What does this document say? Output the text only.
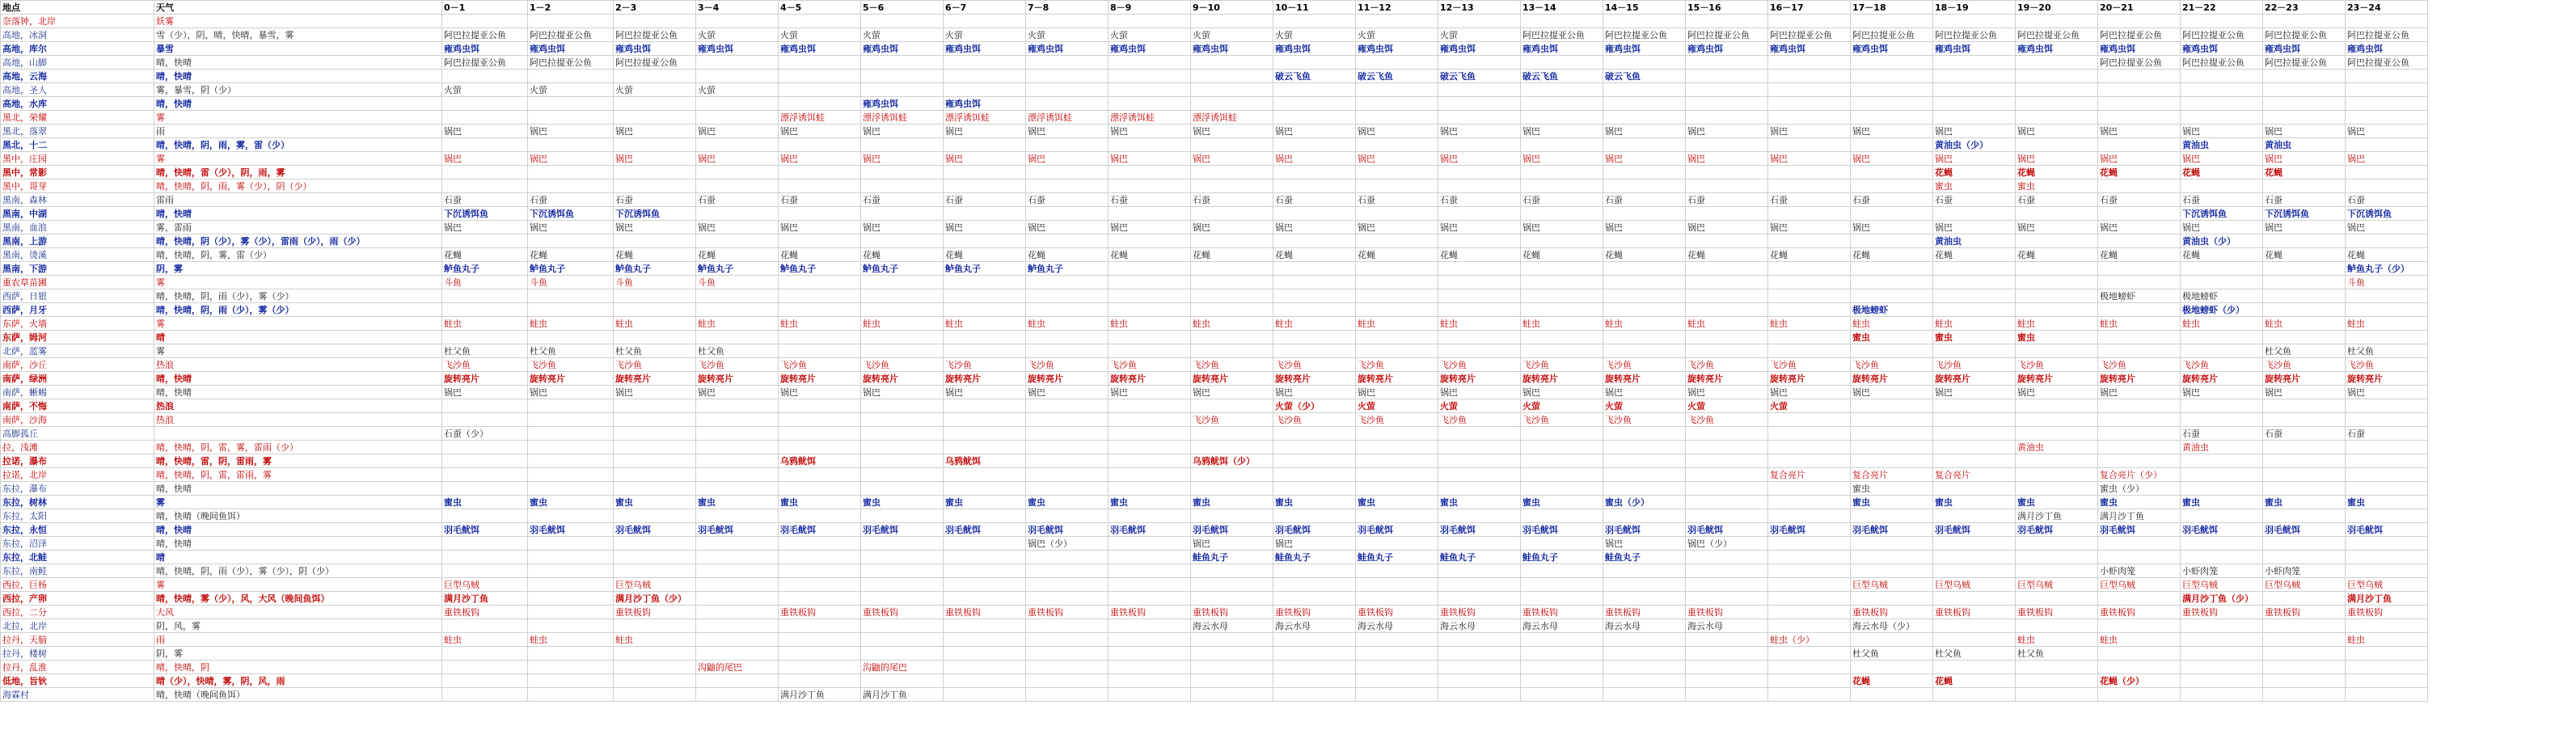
地点	天气	0－1	1－2	2－3	3－4	4－5	5－6	6－7	7－8	8－9	9－10	10－11	11－12	12－13	13－14	14－15	15－16	16－17	17－18	18－19	19－20	20－21	21－22	22－23	23－24
奈落钟，北岸	妖雾																								
高地，冰洞	雪（少），阴，晴，快晴，暴雪，雾	阿巴拉提亚公鱼	阿巴拉提亚公鱼	阿巴拉提亚公鱼	火萤	火萤	火萤	火萤	火萤	火萤	火萤	火萤	火萤	火萤	阿巴拉提亚公鱼	阿巴拉提亚公鱼	阿巴拉提亚公鱼	阿巴拉提亚公鱼	阿巴拉提亚公鱼	阿巴拉提亚公鱼	阿巴拉提亚公鱼	阿巴拉提亚公鱼	阿巴拉提亚公鱼	阿巴拉提亚公鱼	阿巴拉提亚公鱼
高地，库尔	暴雪	雍鸡虫饵	雍鸡虫饵	雍鸡虫饵	雍鸡虫饵	雍鸡虫饵	雍鸡虫饵	雍鸡虫饵	雍鸡虫饵	雍鸡虫饵	雍鸡虫饵	雍鸡虫饵	雍鸡虫饵	雍鸡虫饵	雍鸡虫饵	雍鸡虫饵	雍鸡虫饵	雍鸡虫饵	雍鸡虫饵	雍鸡虫饵	雍鸡虫饵	雍鸡虫饵	雍鸡虫饵	雍鸡虫饵	雍鸡虫饵
高地，山脚	晴，快晴	阿巴拉提亚公鱼	阿巴拉提亚公鱼	阿巴拉提亚公鱼																		阿巴拉提亚公鱼	阿巴拉提亚公鱼	阿巴拉提亚公鱼	阿巴拉提亚公鱼
高地，云海	晴，快晴											破云飞鱼	破云飞鱼	破云飞鱼	破云飞鱼	破云飞鱼									
高地，圣人	雾，暴雪，阴（少）	火萤	火萤	火萤	火萤																				
高地，水库	晴，快晴						雍鸡虫饵	雍鸡虫饵																	
黑北，荣耀	雾					漂浮诱饵蛙	漂浮诱饵蛙	漂浮诱饵蛙	漂浮诱饵蛙	漂浮诱饵蛙	漂浮诱饵蛙														
黑北，落翠	雨	锅巴	锅巴	锅巴	锅巴	锅巴	锅巴	锅巴	锅巴	锅巴	锅巴	锅巴	锅巴	锅巴	锅巴	锅巴	锅巴	锅巴	锅巴	锅巴	锅巴	锅巴	锅巴	锅巴	锅巴
黑北，十二	晴，快晴，阴，雨，雾，雷（少）																			黄油虫（少）			黄油虫	黄油虫	
黑中，庄园	雾	锅巴	锅巴	锅巴	锅巴	锅巴	锅巴	锅巴	锅巴	锅巴	锅巴	锅巴	锅巴	锅巴	锅巴	锅巴	锅巴	锅巴	锅巴	锅巴	锅巴	锅巴	锅巴	锅巴	锅巴
黑中，常影	晴，快晴，雷（少），阴，雨，雾																			花蝇	花蝇	花蝇	花蝇	花蝇	
黑中，哥芽	晴，快晴，阴，雨，雾（少），阴（少）																			蜜虫	蜜虫				
黑南，森林	雷雨	石蚕	石蚕	石蚕	石蚕	石蚕	石蚕	石蚕	石蚕	石蚕	石蚕	石蚕	石蚕	石蚕	石蚕	石蚕	石蚕	石蚕	石蚕	石蚕	石蚕	石蚕	石蚕	石蚕	石蚕
黑南，中湖	晴，快晴	下沉诱饵鱼	下沉诱饵鱼	下沉诱饵鱼																			下沉诱饵鱼	下沉诱饵鱼	下沉诱饵鱼
黑南，血浪	雾，雷雨	锅巴	锅巴	锅巴	锅巴	锅巴	锅巴	锅巴	锅巴	锅巴	锅巴	锅巴	锅巴	锅巴	锅巴	锅巴	锅巴	锅巴	锅巴	锅巴	锅巴	锅巴	锅巴	锅巴	锅巴
黑南，上游	晴，快晴，阴（少），雾（少），雷雨（少），雨（少）																			黄油虫			黄油虫（少）		
黑南，烫溪	晴，快晴，阴，雾，雷（少）	花蝇	花蝇	花蝇	花蝇	花蝇	花蝇	花蝇	花蝇	花蝇	花蝇	花蝇	花蝇	花蝇	花蝇	花蝇	花蝇	花蝇	花蝇	花蝇	花蝇	花蝇	花蝇	花蝇	花蝇
黑南，下游	阴，雾	鲈鱼丸子	鲈鱼丸子	鲈鱼丸子	鲈鱼丸子	鲈鱼丸子	鲈鱼丸子	鲈鱼丸子	鲈鱼丸子																鲈鱼丸子（少）
重农草苗圃	雾	斗鱼	斗鱼	斗鱼	斗鱼																				斗鱼
西萨，日银	晴，快晴，阴，雨（少），雾（少）																					极地螃虾	极地螃虾		
西萨，月牙	晴，快晴，阴，雨（少），雾（少）																		极地螃虾				极地螃虾（少）		
东萨，火墙	雾	蛀虫	蛀虫	蛀虫	蛀虫	蛀虫	蛀虫	蛀虫	蛀虫	蛀虫	蛀虫	蛀虫	蛀虫	蛀虫	蛀虫	蛀虫	蛀虫	蛀虫	蛀虫	蛀虫	蛀虫	蛀虫	蛀虫	蛀虫	蛀虫
东萨，姆河	晴																		蜜虫	蜜虫	蜜虫				
北萨，蓝雾	雾	杜父鱼	杜父鱼	杜父鱼	杜父鱼																			杜父鱼	杜父鱼
南萨，沙丘	热浪	飞沙鱼	飞沙鱼	飞沙鱼	飞沙鱼	飞沙鱼	飞沙鱼	飞沙鱼	飞沙鱼	飞沙鱼	飞沙鱼	飞沙鱼	飞沙鱼	飞沙鱼	飞沙鱼	飞沙鱼	飞沙鱼	飞沙鱼	飞沙鱼	飞沙鱼	飞沙鱼	飞沙鱼	飞沙鱼	飞沙鱼	飞沙鱼
南萨，绿洲	晴，快晴	旋转亮片	旋转亮片	旋转亮片	旋转亮片	旋转亮片	旋转亮片	旋转亮片	旋转亮片	旋转亮片	旋转亮片	旋转亮片	旋转亮片	旋转亮片	旋转亮片	旋转亮片	旋转亮片	旋转亮片	旋转亮片	旋转亮片	旋转亮片	旋转亮片	旋转亮片	旋转亮片	旋转亮片
南萨，蜥蜴	晴，快晴	锅巴	锅巴	锅巴	锅巴	锅巴	锅巴	锅巴	锅巴	锅巴	锅巴	锅巴	锅巴	锅巴	锅巴	锅巴	锅巴	锅巴	锅巴	锅巴	锅巴	锅巴	锅巴	锅巴	锅巴
南萨，不悔	热浪											火萤（少）	火萤	火萤	火萤	火萤	火萤	火萤							
南萨，沙海	热浪										飞沙鱼	飞沙鱼	飞沙鱼	飞沙鱼	飞沙鱼	飞沙鱼	飞沙鱼								
高脚孤丘		石蚕（少）																					石蚕	石蚕	石蚕
拉，浅滩	晴，快晴，阴，雷，雾，雷雨（少）																				黄油虫		黄油虫		
拉诺，瀑布	晴，快晴，雷，阴，雷雨，雾					乌鸦鱿饵		乌鸦鱿饵			乌鸦鱿饵（少）														
拉诺，北岸	晴，快晴，阴，雷，雷雨，雾																	复合亮片	复合亮片	复合亮片		复合亮片（少）			
东拉，瀑布	晴，快晴																		蜜虫			蜜虫（少）			
东拉，树林	雾	蜜虫	蜜虫	蜜虫	蜜虫	蜜虫	蜜虫	蜜虫	蜜虫	蜜虫	蜜虫	蜜虫	蜜虫	蜜虫	蜜虫	蜜虫（少）			蜜虫	蜜虫	蜜虫	蜜虫	蜜虫	蜜虫	蜜虫
东拉，太阳	晴，快晴（晚间鱼饵）																				满月沙丁鱼	满月沙丁鱼			
东拉，永恒	晴，快晴	羽毛鱿饵	羽毛鱿饵	羽毛鱿饵	羽毛鱿饵	羽毛鱿饵	羽毛鱿饵	羽毛鱿饵	羽毛鱿饵	羽毛鱿饵	羽毛鱿饵	羽毛鱿饵	羽毛鱿饵	羽毛鱿饵	羽毛鱿饵	羽毛鱿饵	羽毛鱿饵	羽毛鱿饵	羽毛鱿饵	羽毛鱿饵	羽毛鱿饵	羽毛鱿饵	羽毛鱿饵	羽毛鱿饵	羽毛鱿饵
东拉，沼泽	晴，快晴								锅巴（少）		锅巴	锅巴				锅巴	锅巴（少）								
东拉，北鲑	晴										鲑鱼丸子	鲑鱼丸子	鲑鱼丸子	鲑鱼丸子	鲑鱼丸子	鲑鱼丸子									
东拉，南鲑	晴，快晴，阴，雨（少），雾（少），阴（少）																					小虾肉笼	小虾肉笼	小虾肉笼	
西拉，巨杨	雾	巨型乌贼		巨型乌贼															巨型乌贼	巨型乌贼	巨型乌贼	巨型乌贼	巨型乌贼	巨型乌贼	巨型乌贼
西拉，产卵	晴，快晴，雾（少），风，大风（晚间鱼饵）	满月沙丁鱼		满月沙丁鱼（少）																			满月沙丁鱼（少）		满月沙丁鱼
西拉，二分	大风	重铁板钩		重铁板钩		重铁板钩	重铁板钩	重铁板钩	重铁板钩	重铁板钩	重铁板钩	重铁板钩	重铁板钩	重铁板钩	重铁板钩	重铁板钩	重铁板钩		重铁板钩	重铁板钩	重铁板钩	重铁板钩	重铁板钩	重铁板钩	重铁板钩
北拉，北岸	阴，风，雾										海云水母	海云水母	海云水母	海云水母	海云水母	海云水母	海云水母		海云水母（少）						
拉丹，天脑	雨	蛀虫	蛀虫	蛀虫														蛀虫（少）			蛀虫	蛀虫			蛀虫
拉丹，楼树	阴，雾																		杜父鱼	杜父鱼	杜父鱼				
拉丹，乱淮	晴，快晴，阴				沟鼬的尾巴		沟鼬的尾巴																		
低地，旨钬	晴（少），快晴，雾，阴，风，雨																		花蝇	花蝇		花蝇（少）			
海霖村	晴，快晴（晚间鱼饵）					满月沙丁鱼	满月沙丁鱼																		
